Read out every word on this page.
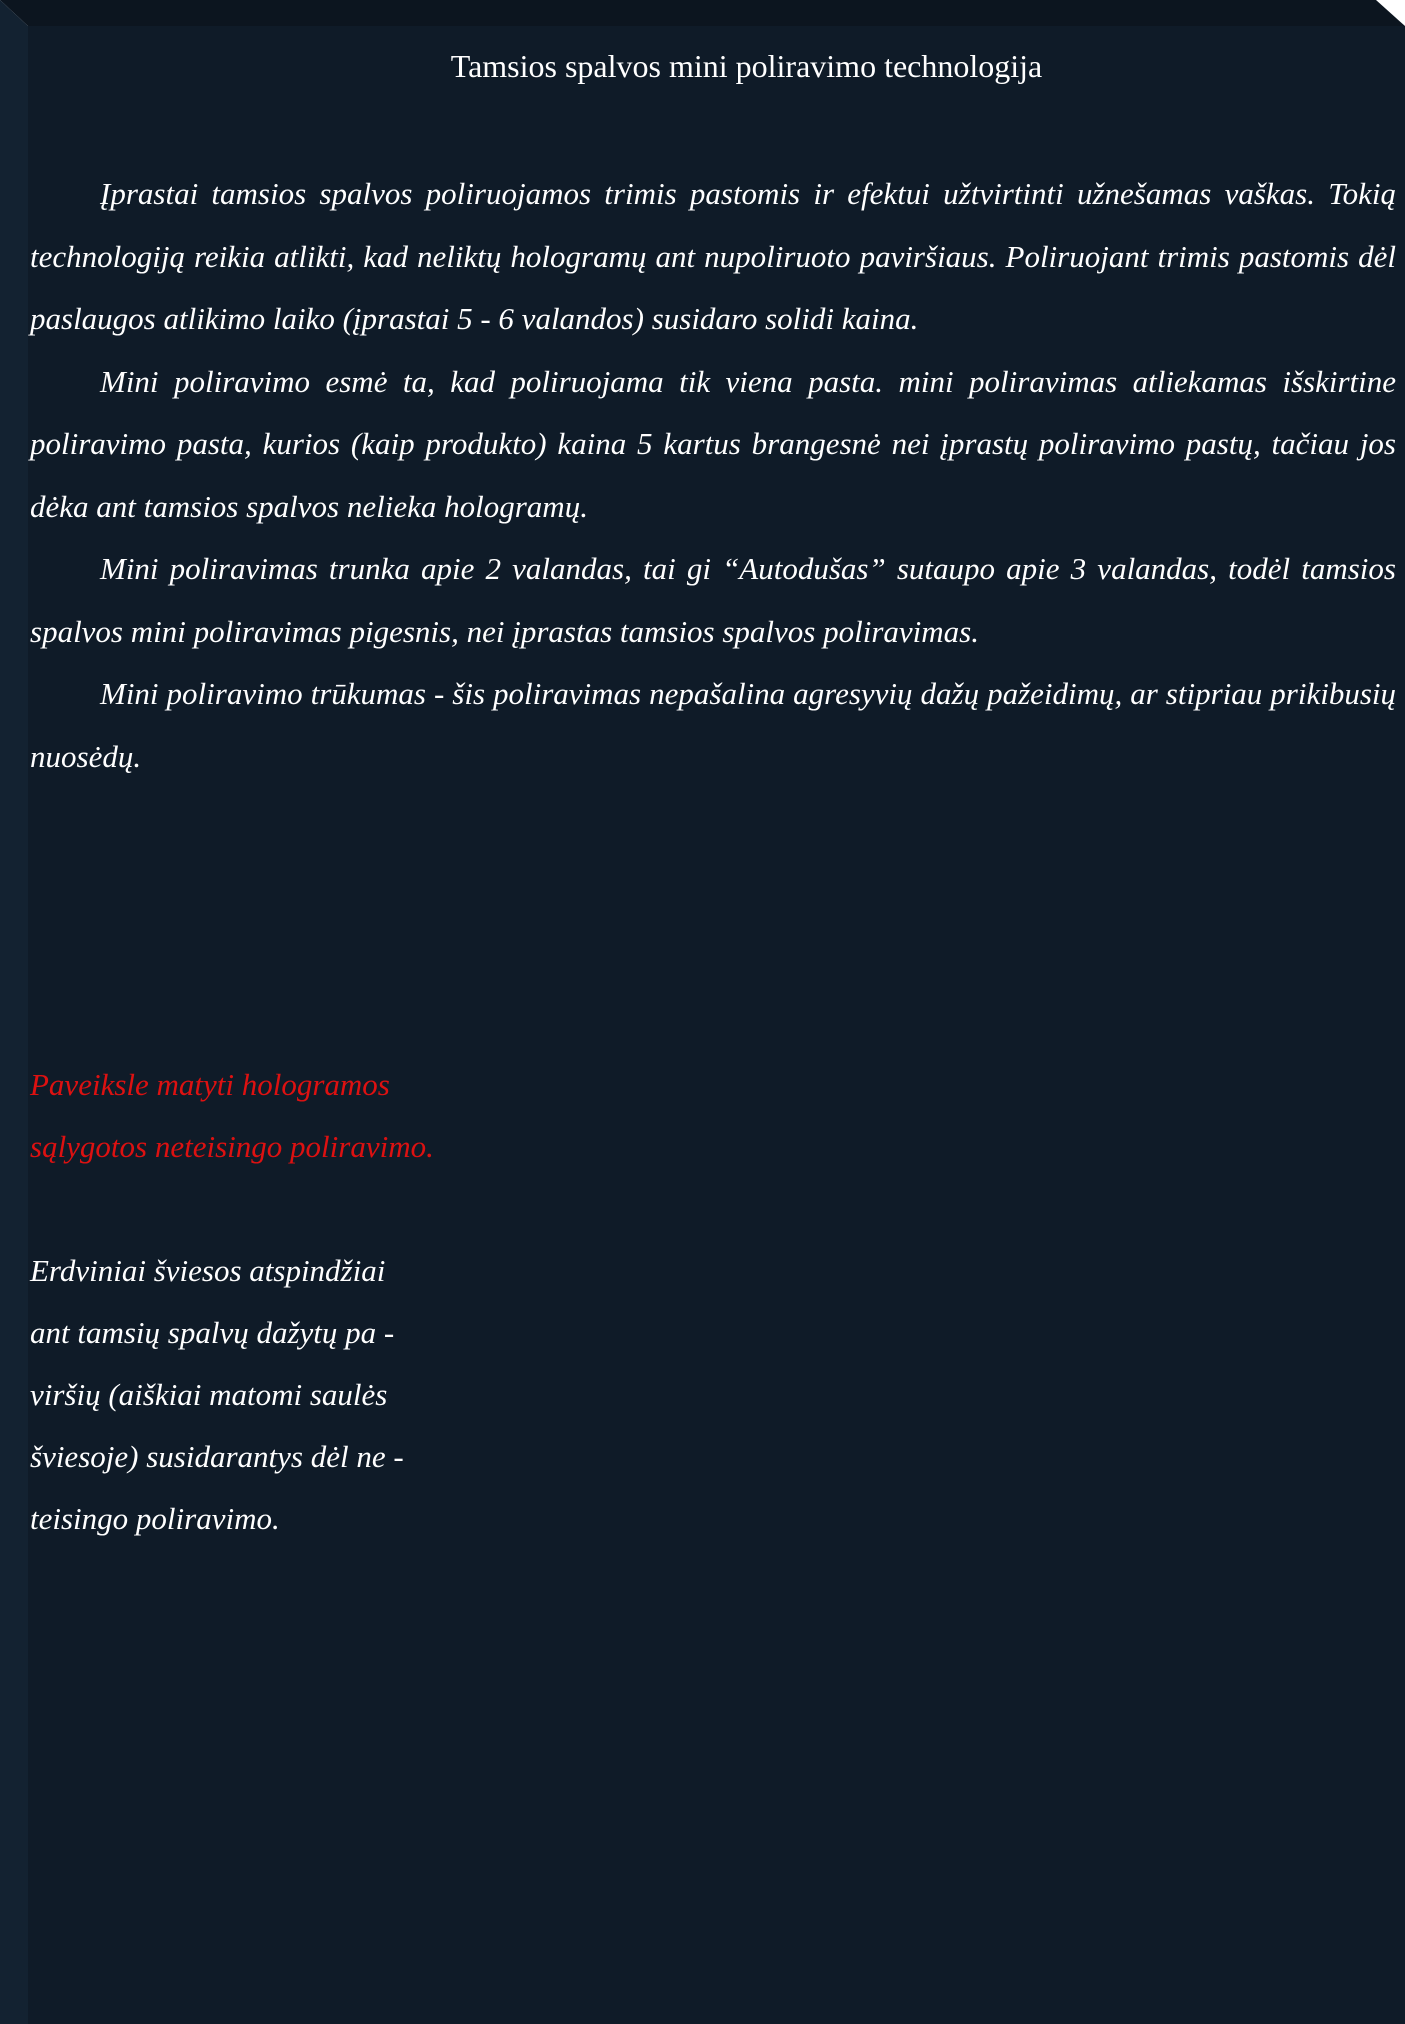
Tamsios spalvos mini poliravimo technologija

Įprastai tamsios spalvos poliruojamos trimis pastomis ir efektui užtvirtinti užnešamas vaškas. Tokią technologiją reikia atlikti, kad neliktų hologramų ant nupoliruoto paviršiaus. Poliruojant trimis pastomis dėl paslaugos atlikimo laiko (įprastai 5 - 6 valandos) susidaro solidi kaina.

Mini poliravimo esmė ta, kad poliruojama tik viena pasta. mini poliravimas atliekamas išskirtine poliravimo pasta, kurios (kaip produkto) kaina 5 kartus brangesnė nei įprastų poliravimo pastų, tačiau jos dėka ant tamsios spalvos nelieka hologramų.

Mini poliravimas trunka apie 2 valandas, tai gi “Autodušas” sutaupo apie 3 valandas, todėl tamsios spalvos mini poliravimas pigesnis, nei įprastas tamsios spalvos poliravimas.

Mini poliravimo trūkumas - šis poliravimas nepašalina agresyvių dažų pažeidimų, ar stipriau prikibusių nuosėdų.

Paveiksle matyti hologramos
sąlygotos neteisingo poliravimo.
Erdviniai šviesos atspindžiai
ant tamsių spalvų dažytų pa -
viršių (aiškiai matomi saulės
šviesoje) susidarantys dėl ne -
teisingo poliravimo.
